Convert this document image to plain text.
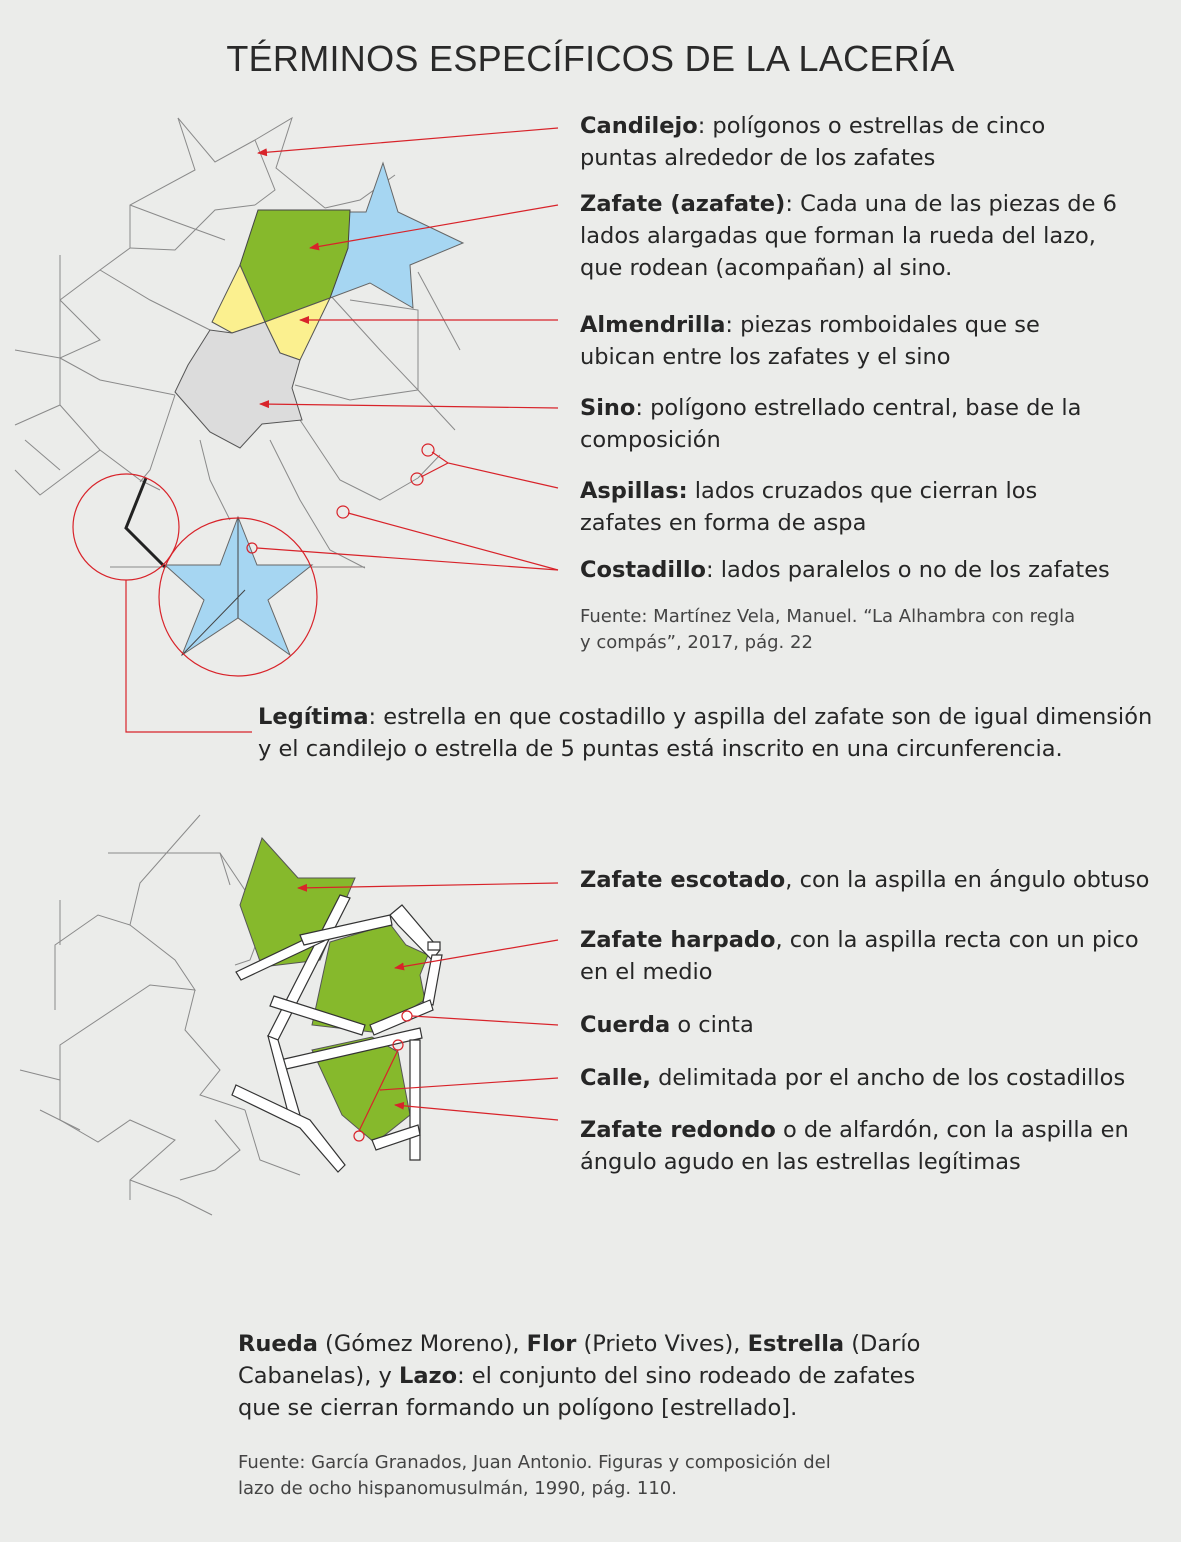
TÉRMINOS ESPECÍFICOS DE LA LACERÍA
Candilejo: polígonos o estrellas de cinco puntas alrededor de los zafates
Zafate (azafate): Cada una de las piezas de 6 lados alargadas que forman la rueda del lazo, que rodean (acompañan) al sino.
Almendrilla: piezas romboidales que se ubican entre los zafates y el sino
Sino: polígono estrellado central, base de la composición
Aspillas: lados cruzados que cierran los zafates en forma de aspa
Costadillo: lados paralelos o no de los zafates
Fuente: Martínez Vela, Manuel. “La Alhambra con regla y compás”, 2017, pág. 22
Legítima: estrella en que costadillo y aspilla del zafate son de igual dimensión y el candilejo o estrella de 5 puntas está inscrito en una circunferencia.
Zafate escotado, con la aspilla en ángulo obtuso
Zafate harpado, con la aspilla recta con un pico en el medio
Cuerda o cinta
Calle, delimitada por el ancho de los costadillos
Zafate redondo o de alfardón, con la aspilla en ángulo agudo en las estrellas legítimas
Rueda (Gómez Moreno), Flor (Prieto Vives), Estrella (Darío Cabanelas), y Lazo: el conjunto del sino rodeado de zafates que se cierran formando un polígono [estrellado].
Fuente: García Granados, Juan Antonio. Figuras y composición del lazo de ocho hispanomusulmán, 1990, pág. 110.
